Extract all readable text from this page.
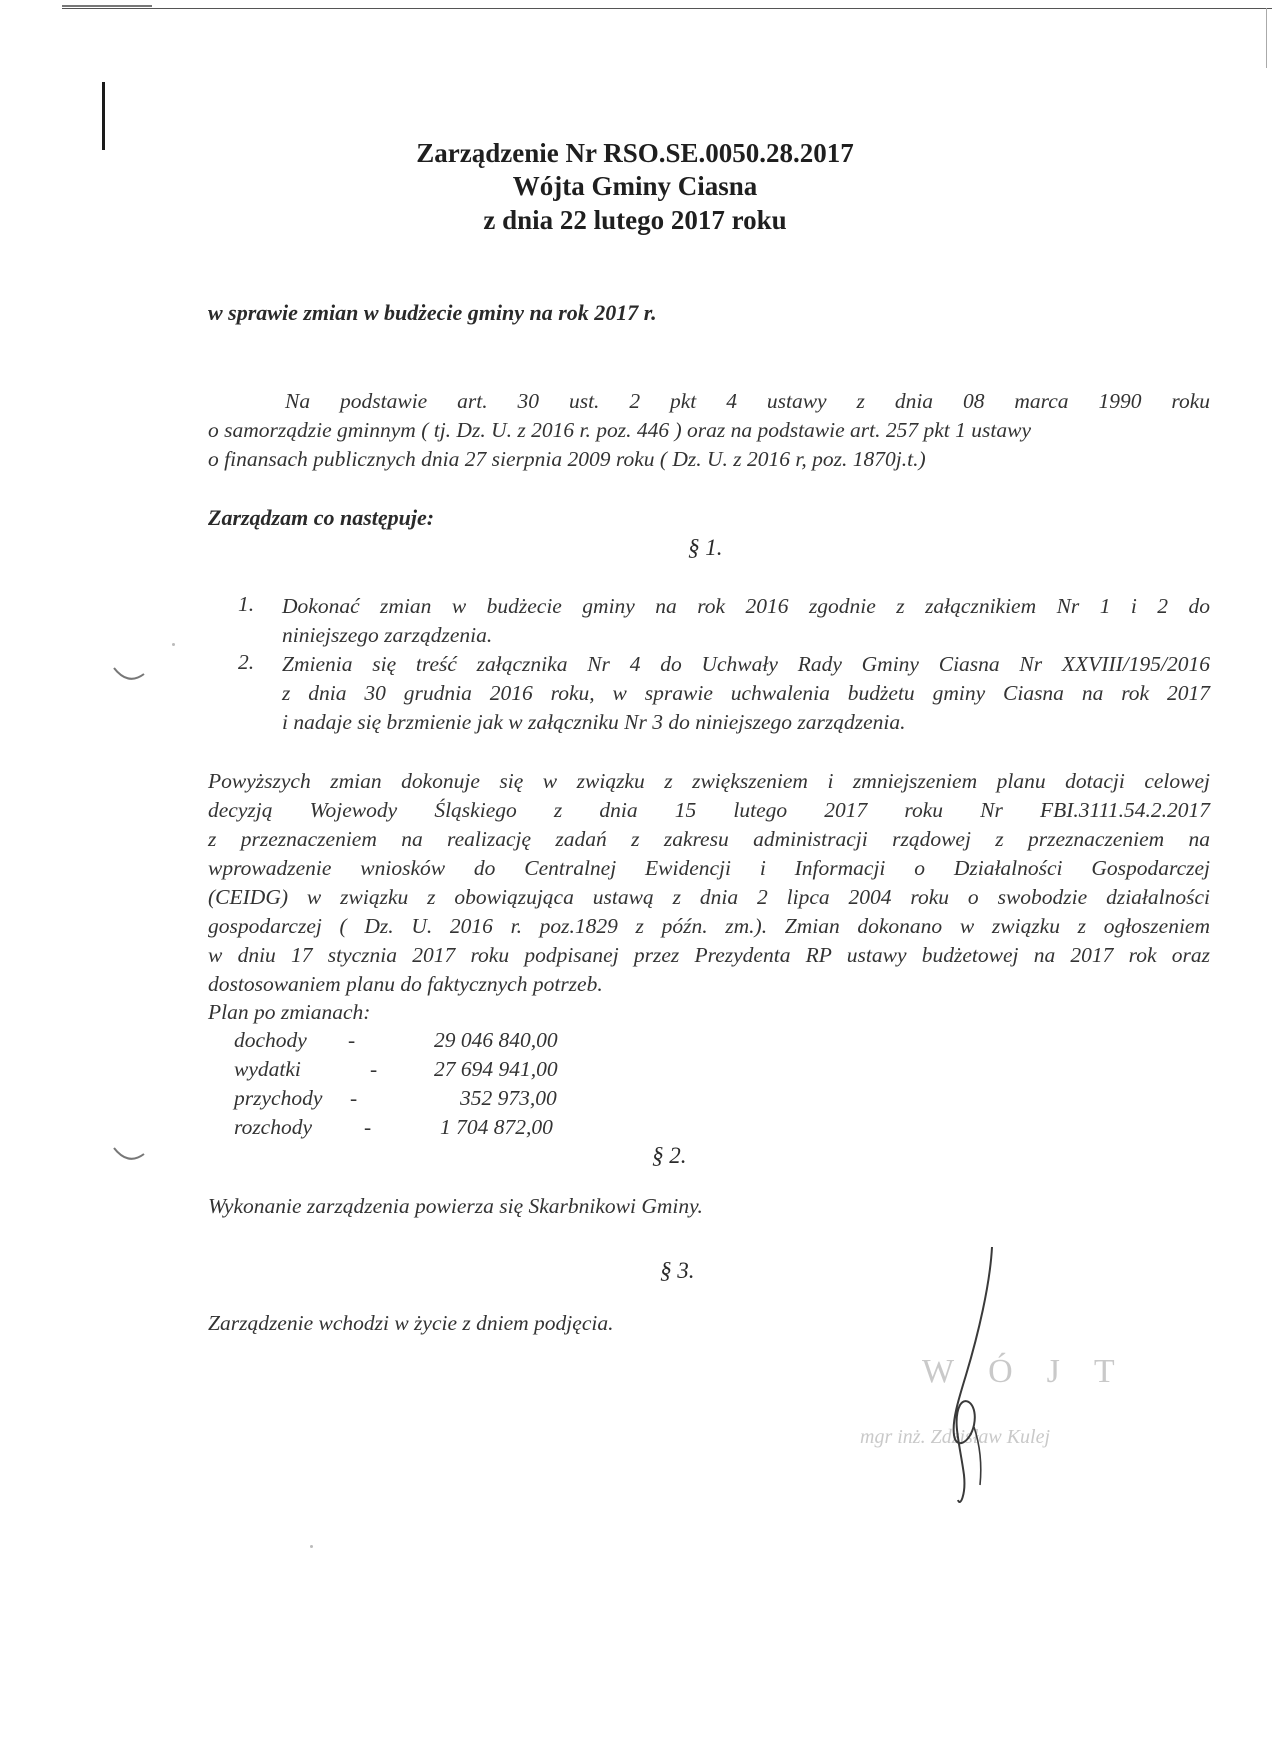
Zarządzenie Nr RSO.SE.0050.28.2017
Wójta Gminy Ciasna
z dnia 22 lutego 2017 roku
w sprawie zmian w budżecie gminy na rok 2017 r.
Na podstawie art. 30 ust. 2 pkt 4 ustawy z dnia 08 marca 1990 roku
o samorządzie gminnym ( tj. Dz. U. z 2016 r. poz. 446 ) oraz na podstawie art. 257 pkt 1 ustawy
o finansach publicznych dnia 27 sierpnia 2009 roku ( Dz. U. z 2016 r, poz. 1870j.t.)
Zarządzam co następuje:
§ 1.
1. Dokonać zmian w budżecie gminy na rok 2016 zgodnie z załącznikiem Nr 1 i 2 do
niniejszego zarządzenia.
2. Zmienia się treść załącznika Nr 4 do Uchwały Rady Gminy Ciasna Nr XXVIII/195/2016
z dnia 30 grudnia 2016 roku, w sprawie uchwalenia budżetu gminy Ciasna na rok 2017
i nadaje się brzmienie jak w załączniku Nr 3 do niniejszego zarządzenia.
Powyższych zmian dokonuje się w związku z zwiększeniem i zmniejszeniem planu dotacji celowej
decyzją Wojewody Śląskiego z dnia 15 lutego 2017 roku Nr FBI.3111.54.2.2017
z przeznaczeniem na realizację zadań z zakresu administracji rządowej z przeznaczeniem na
wprowadzenie wniosków do Centralnej Ewidencji i Informacji o Działalności Gospodarczej
(CEIDG) w związku z obowiązująca ustawą z dnia 2 lipca 2004 roku o swobodzie działalności
gospodarczej ( Dz. U. 2016 r. poz.1829 z późn. zm.). Zmian dokonano w związku z ogłoszeniem
w dniu 17 stycznia 2017 roku podpisanej przez Prezydenta RP ustawy budżetowej na 2017 rok oraz
dostosowaniem planu do faktycznych potrzeb.
Plan po zmianach:
dochody -	29 046 840,00
wydatki	-	27 694 941,00
przychody -	352 973,00
rozchody -	1 704 872,00
§ 2.
Wykonanie zarządzenia powierza się Skarbnikowi Gminy.
§ 3.
Zarządzenie wchodzi w życie z dniem podjęcia.
WÓJT
mgr inż. Zdzisław Kulej
